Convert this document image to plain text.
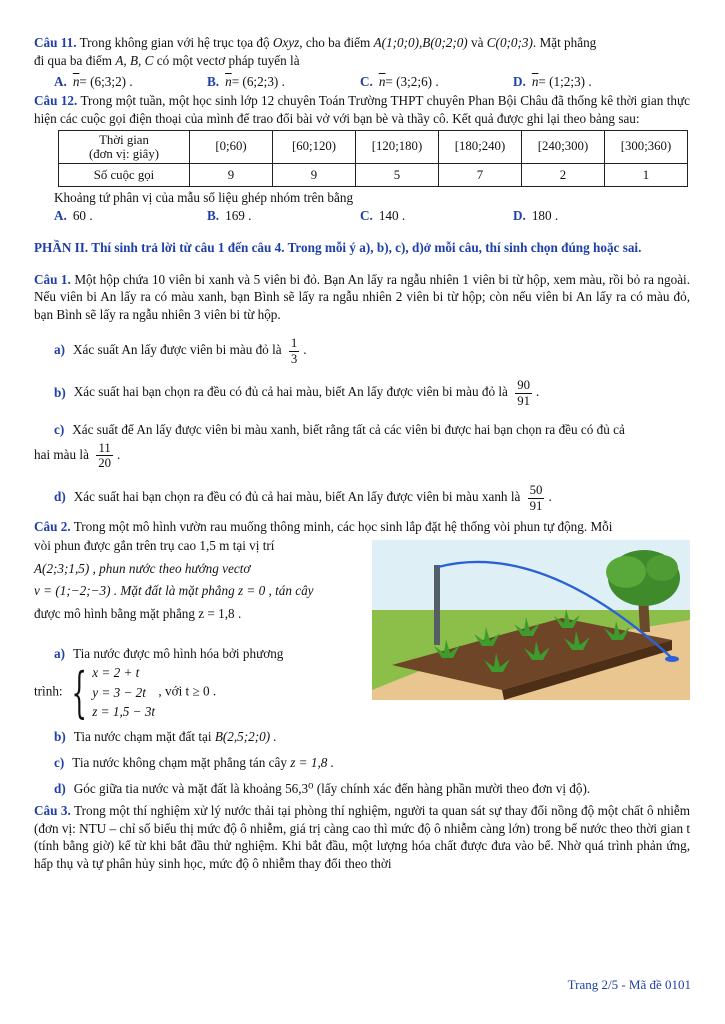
Câu 11. Trong không gian với hệ trục tọa độ Oxyz, cho ba điểm A(1;0;0),B(0;2;0) và C(0;0;3). Mặt phẳng
đi qua ba điểm A, B, C có một vectơ pháp tuyến là

A. $\overline{n}=$ (6;3;2) .	B. $\overline{n}=$ (6;2;3) .	C. $\overline{n}=$ (3;2;6) .	D. $\overline{n}=$ (1;2;3) .

Câu 12. Trong một tuần, một học sinh lớp 12 chuyên Toán Trường THPT chuyên Phan Bội Châu đã thống kê thời gian thực hiện các cuộc gọi điện thoại của mình để trao đổi bài vở với bạn bè và thầy cô. Kết quả được ghi lại theo bảng sau:

Thời gian
(đơn vị: giây)	[0;60)	[60;120)	[120;180)	[180;240)	[240;300)	[300;360)
Số cuộc gọi	9	9	5	7	2	1

Khoảng tứ phân vị của mẫu số liệu ghép nhóm trên bằng

A. 60 .	B. 169 .	C. 140 .	D. 180 .

PHẦN II. Thí sinh trả lời từ câu 1 đến câu 4. Trong mỗi ý a), b), c), d)ở mỗi câu, thí sinh chọn đúng hoặc sai.

Câu 1. Một hộp chứa 10 viên bi xanh và 5 viên bi đỏ. Bạn An lấy ra ngẫu nhiên 1 viên bi từ hộp, xem màu, rồi bỏ ra ngoài. Nếu viên bi An lấy ra có màu xanh, bạn Bình sẽ lấy ra ngẫu nhiên 2 viên bi từ hộp; còn nếu viên bi An lấy ra có màu đỏ, bạn Bình sẽ lấy ra ngẫu nhiên 3 viên bi từ hộp.

a) Xác suất An lấy được viên bi màu đỏ là $\frac{1}{3}$ .
b) Xác suất hai bạn chọn ra đều có đủ cả hai màu, biết An lấy được viên bi màu đỏ là $\frac{90}{91}$ .
c) Xác suất để An lấy được viên bi màu xanh, biết rằng tất cả các viên bi được hai bạn chọn ra đều có đủ cả
hai màu là $\frac{11}{20}$ .
d) Xác suất hai bạn chọn ra đều có đủ cả hai màu, biết An lấy được viên bi màu xanh là $\frac{50}{91}$ .

Câu 2. Trong một mô hình vườn rau muống thông minh, các học sinh lắp đặt hệ thống vòi phun tự động. Mỗi

vòi phun được gắn trên trụ cao 1,5 m tại vị trí
A(2;3;1,5) , phun nước theo hướng vectơ
v = (1;−2;−3) . Mặt đất là mặt phẳng z = 0 , tán cây
được mô hình bằng mặt phẳng z = 1,8 .

a) Tia nước được mô hình hóa bởi phương
trình: { x = 2 + t
y = 3 − 2t
z = 1,5 − 3t
, với t ≥ 0 .
b) Tia nước chạm mặt đất tại B(2,5;2;0) .
c) Tia nước không chạm mặt phẳng tán cây z = 1,8 .
d) Góc giữa tia nước và mặt đất là khoảng 56,3⁰ (lấy chính xác đến hàng phần mười theo đơn vị độ).

Câu 3. Trong một thí nghiệm xử lý nước thải tại phòng thí nghiệm, người ta quan sát sự thay đổi nồng độ một chất ô nhiễm (đơn vị: NTU – chỉ số biểu thị mức độ ô nhiễm, giá trị càng cao thì mức độ ô nhiễm càng lớn) trong bể nước theo thời gian t (tính bằng giờ) kể từ khi bắt đầu thử nghiệm. Khi bắt đầu, một lượng hóa chất được đưa vào bể. Nhờ quá trình phản ứng, hấp thụ và tự phân hủy sinh học, mức độ ô nhiễm thay đổi theo thời

Trang 2/5 - Mã đề 0101
